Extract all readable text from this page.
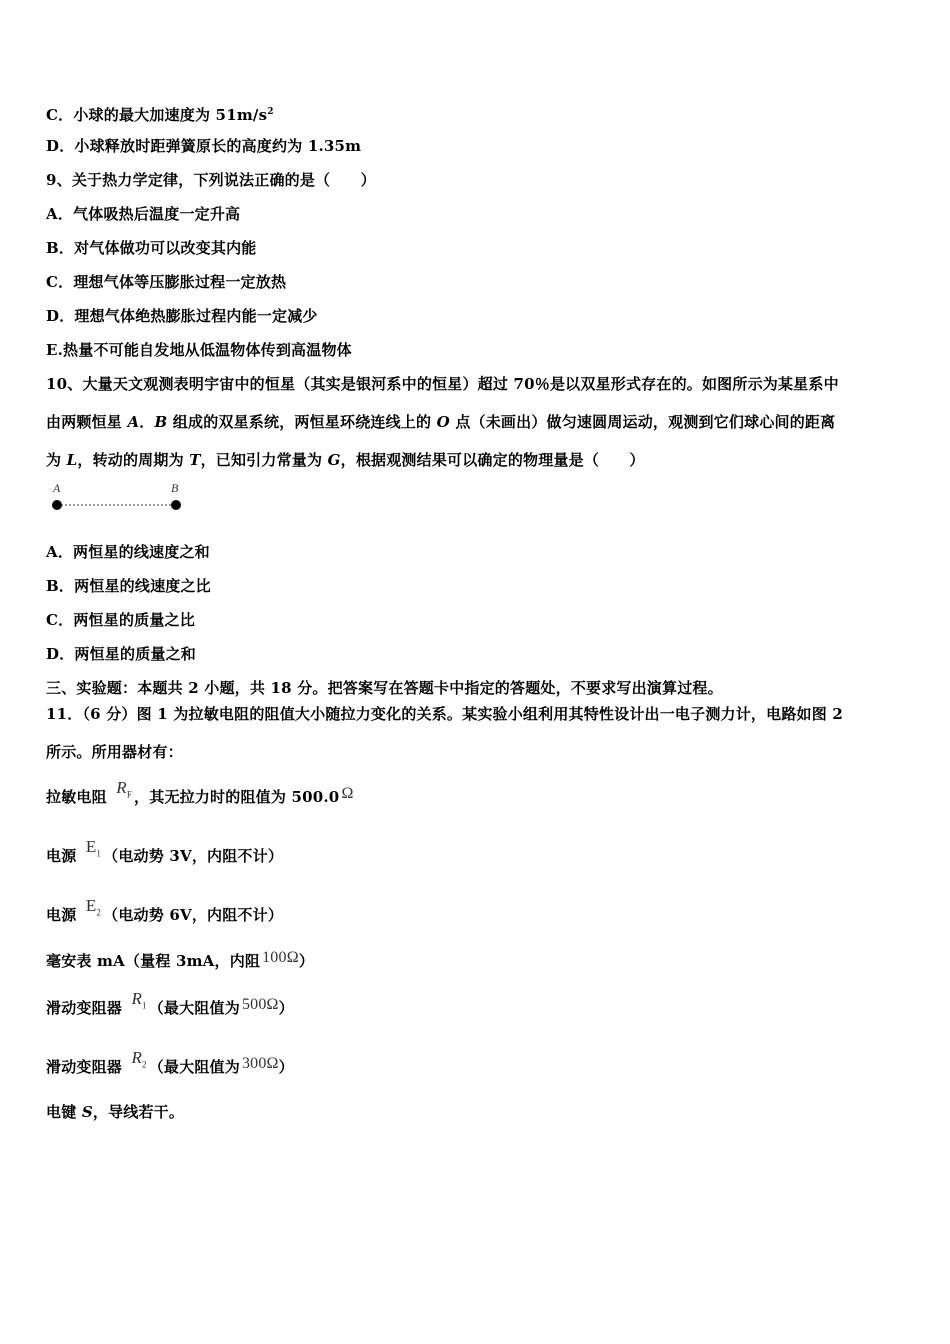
C．小球的最大加速度为 $51m/s^2$
D．小球释放时距弹簧原长的高度约为 1.35m
9、关于热力学定律，下列说法正确的是（　　）
A．气体吸热后温度一定升高
B．对气体做功可以改变其内能
C．理想气体等压膨胀过程一定放热
D．理想气体绝热膨胀过程内能一定减少
E.热量不可能自发地从低温物体传到高温物体
10、大量天文观测表明宇宙中的恒星（其实是银河系中的恒星）超过 70％是以双星形式存在的。如图所示为某星系中
由两颗恒星 A．B 组成的双星系统，两恒星环绕连线上的 O 点（未画出）做匀速圆周运动，观测到它们球心间的距离
为 L，转动的周期为 T，已知引力常量为 G，根据观测结果可以确定的物理量是（　　）
A	B
A．两恒星的线速度之和
B．两恒星的线速度之比
C．两恒星的质量之比
D．两恒星的质量之和
三、实验题：本题共 2 小题，共 18 分。把答案写在答题卡中指定的答题处，不要求写出演算过程。
11．（6 分）图 1 为拉敏电阻的阻值大小随拉力变化的关系。某实验小组利用其特性设计出一电子测力计，电路如图 2
所示。所用器材有：
拉敏电阻 $R_F$ ，其无拉力时的阻值为 500.0 Ω
电源 $E_1$ （电动势 3V，内阻不计）
电源 $E_2$ （电动势 6V，内阻不计）
毫安表 mA（量程 3mA，内阻 100Ω）
滑动变阻器 $R_1$ （最大阻值为 500Ω）
滑动变阻器 $R_2$ （最大阻值为 300Ω）
电键 S，导线若干。
